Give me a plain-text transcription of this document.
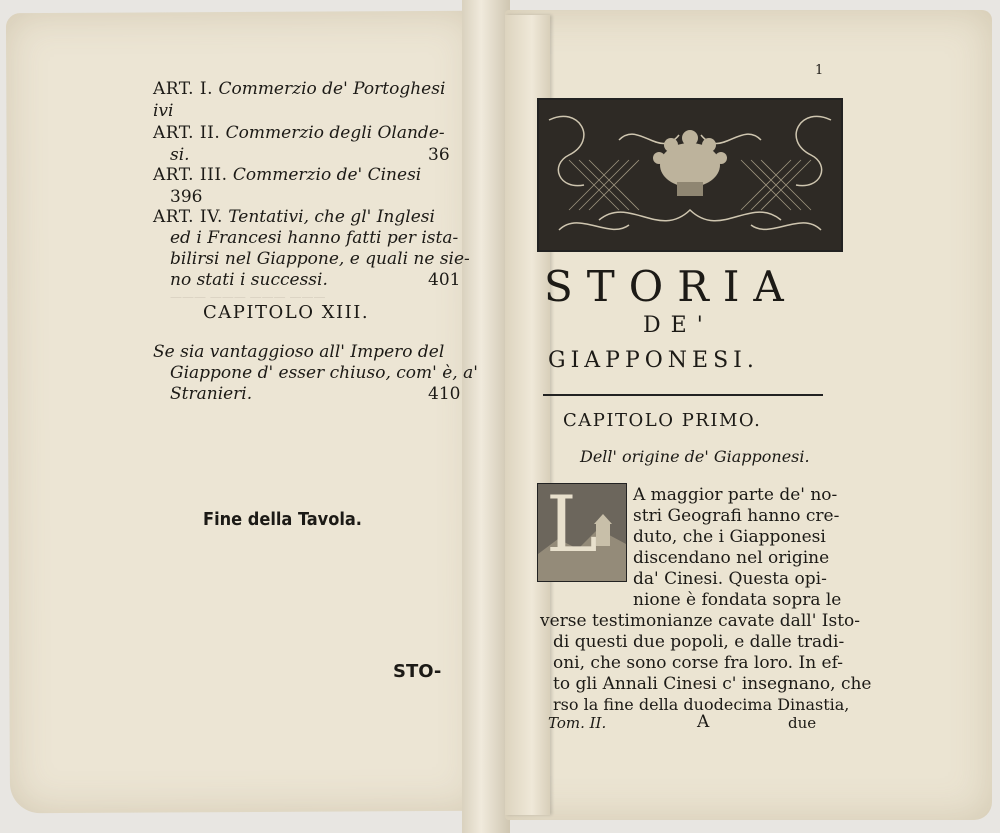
——— ——— ——— ———
ART. I. Commerzio de' Portoghesi
ivi
ART. II. Commerzio degli Olande-
si.	36
ART. III. Commerzio de' Cinesi
396
ART. IV. Tentativi, che gl' Inglesi
ed i Francesi hanno fatti per ista-
bilirsi nel Giappone, e quali ne sie-
no stati i successi.	401
CAPITOLO XIII.
Se sia vantaggioso all' Impero del
Giappone d' esser chiuso, com' è, a'
Stranieri.	410
Fine della Tavola.
STO-
1
STORIA
DE'
GIAPPONESI.
CAPITOLO PRIMO.
Dell' origine de' Giapponesi.
L A maggior parte de' no-
stri Geografi hanno cre-
duto, che i Giapponesi
discendano nel origine
da' Cinesi. Questa opi-
nione è fondata sopra le
verse testimonianze cavate dall' Isto-
di questi due popoli, e dalle tradi-
oni, che sono corse fra loro. In ef-
to gli Annali Cinesi c' insegnano, che
rso la fine della duodecima Dinastia,
Tom. II.	A	due
